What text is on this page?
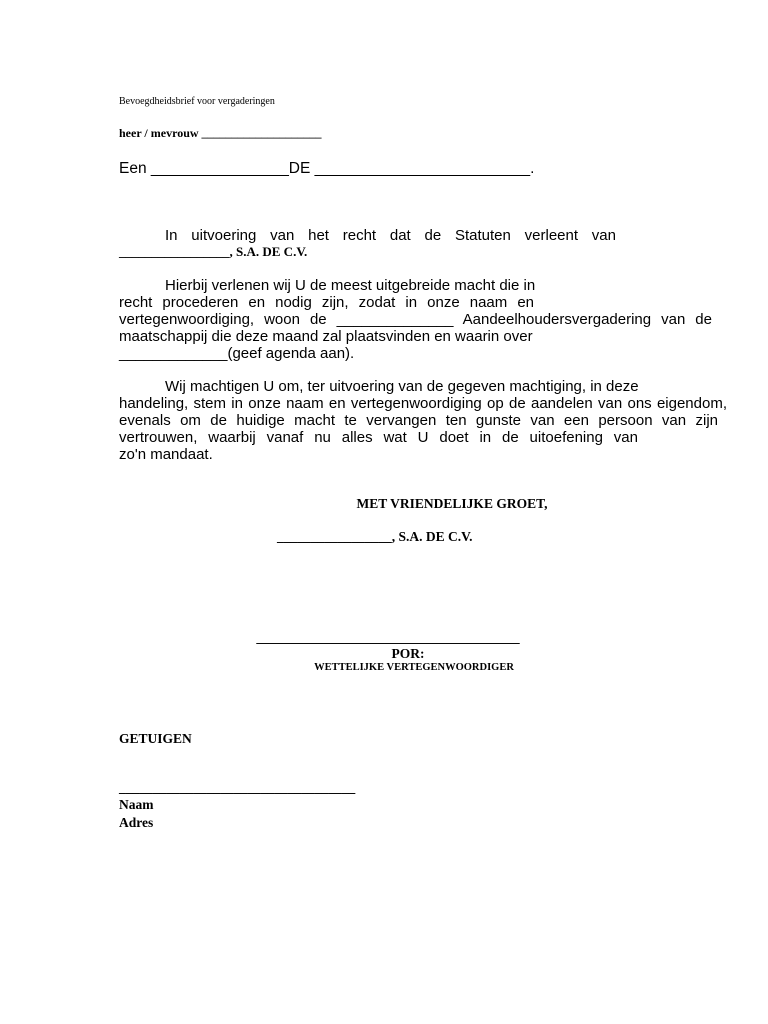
Bevoegdheidsbrief voor vergaderingen
heer / mevrouw ____________________
Een ________________DE _________________________.
In uitvoering van het recht dat de Statuten verleent van
_________________, S.A. DE C.V.
Hierbij verlenen wij U de meest uitgebreide macht die in
recht procederen en nodig zijn, zodat in onze naam en
vertegenwoordiging, woon de ______________ Aandeelhoudersvergadering van de
maatschappij die deze maand zal plaatsvinden en waarin over
_____________(geef agenda aan).
Wij machtigen U om, ter uitvoering van de gegeven machtiging, in deze
handeling, stem in onze naam en vertegenwoordiging op de aandelen van ons eigendom,
evenals om de huidige macht te vervangen ten gunste van een persoon van zijn
vertrouwen, waarbij vanaf nu alles wat U doet in de uitoefening van
zo'n mandaat.
MET VRIENDELIJKE GROET,
_________________, S.A. DE C.V.
_______________________________________
POR:
WETTELIJKE VERTEGENWOORDIGER
GETUIGEN
___________________________________
Naam
Adres
